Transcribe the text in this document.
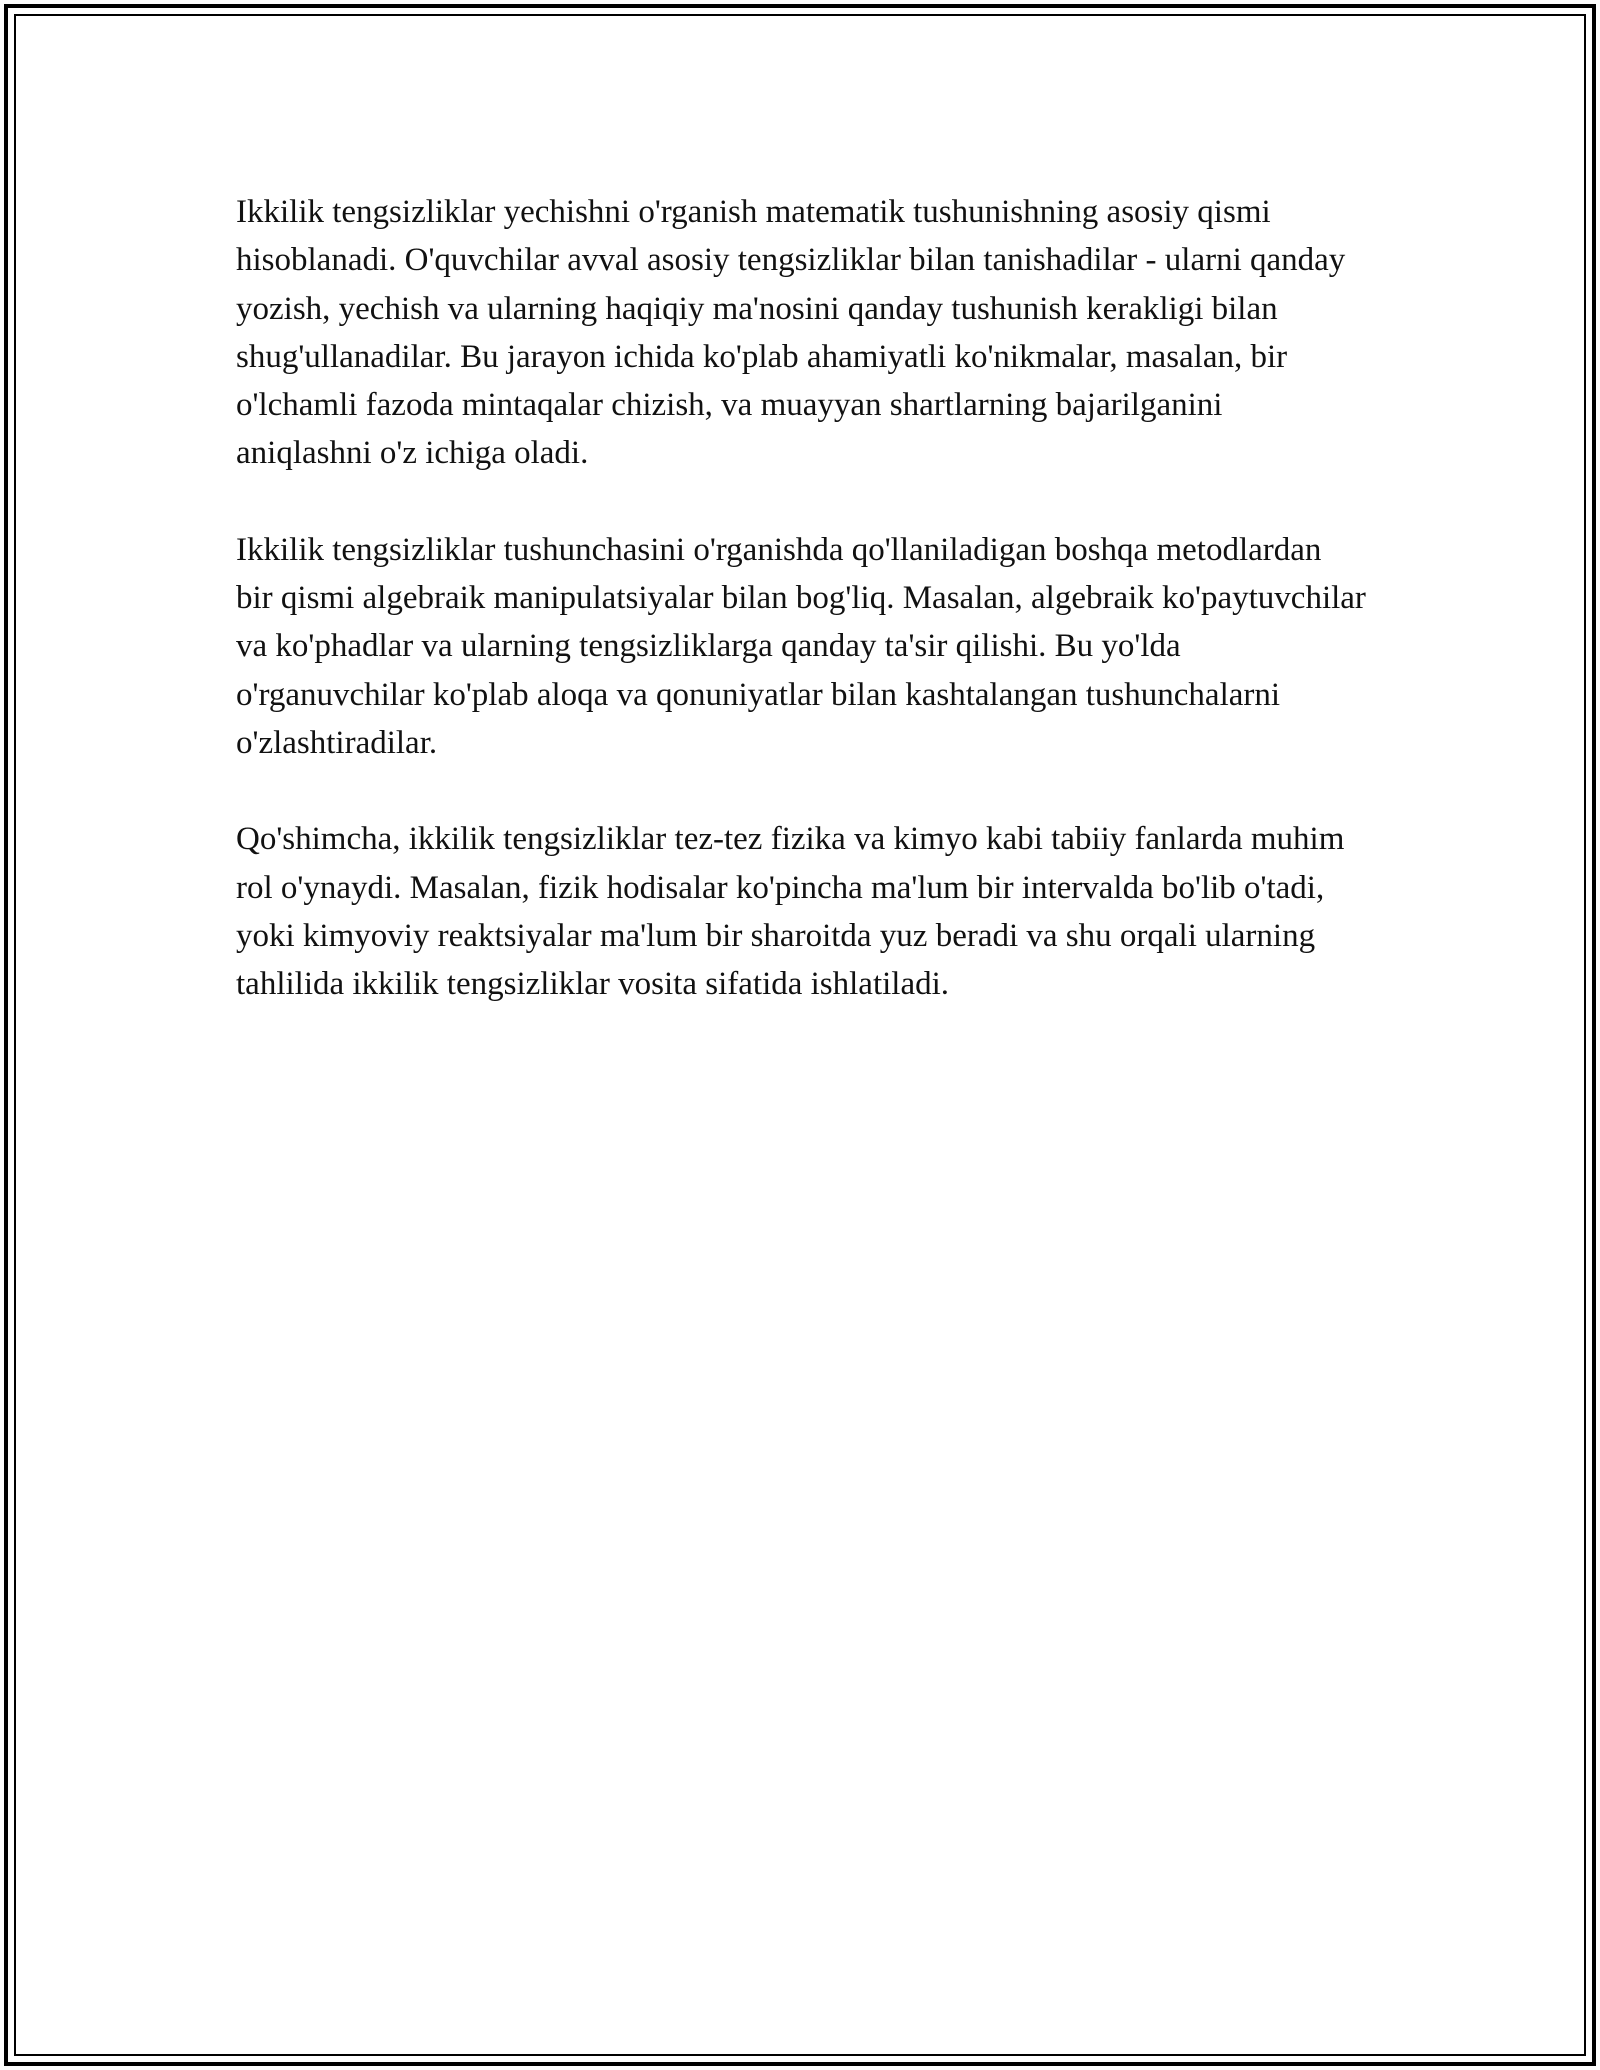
Ikkilik tengsizliklar yechishni o'rganish matematik tushunishning asosiy qismi hisoblanadi. O'quvchilar avval asosiy tengsizliklar bilan tanishadilar - ularni qanday yozish, yechish va ularning haqiqiy ma'nosini qanday tushunish kerakligi bilan shug'ullanadilar. Bu jarayon ichida ko'plab ahamiyatli ko'nikmalar, masalan, bir o'lchamli fazoda mintaqalar chizish, va muayyan shartlarning bajarilganini aniqlashni o'z ichiga oladi.

Ikkilik tengsizliklar tushunchasini o'rganishda qo'llaniladigan boshqa metodlardan bir qismi algebraik manipulatsiyalar bilan bog'liq. Masalan, algebraik ko'paytuvchilar va ko'phadlar va ularning tengsizliklarga qanday ta'sir qilishi. Bu yo'lda o'rganuvchilar ko'plab aloqa va qonuniyatlar bilan kashtalangan tushunchalarni o'zlashtiradilar.

Qo'shimcha, ikkilik tengsizliklar tez-tez fizika va kimyo kabi tabiiy fanlarda muhim rol o'ynaydi. Masalan, fizik hodisalar ko'pincha ma'lum bir intervalda bo'lib o'tadi, yoki kimyoviy reaktsiyalar ma'lum bir sharoitda yuz beradi va shu orqali ularning tahlilida ikkilik tengsizliklar vosita sifatida ishlatiladi.
